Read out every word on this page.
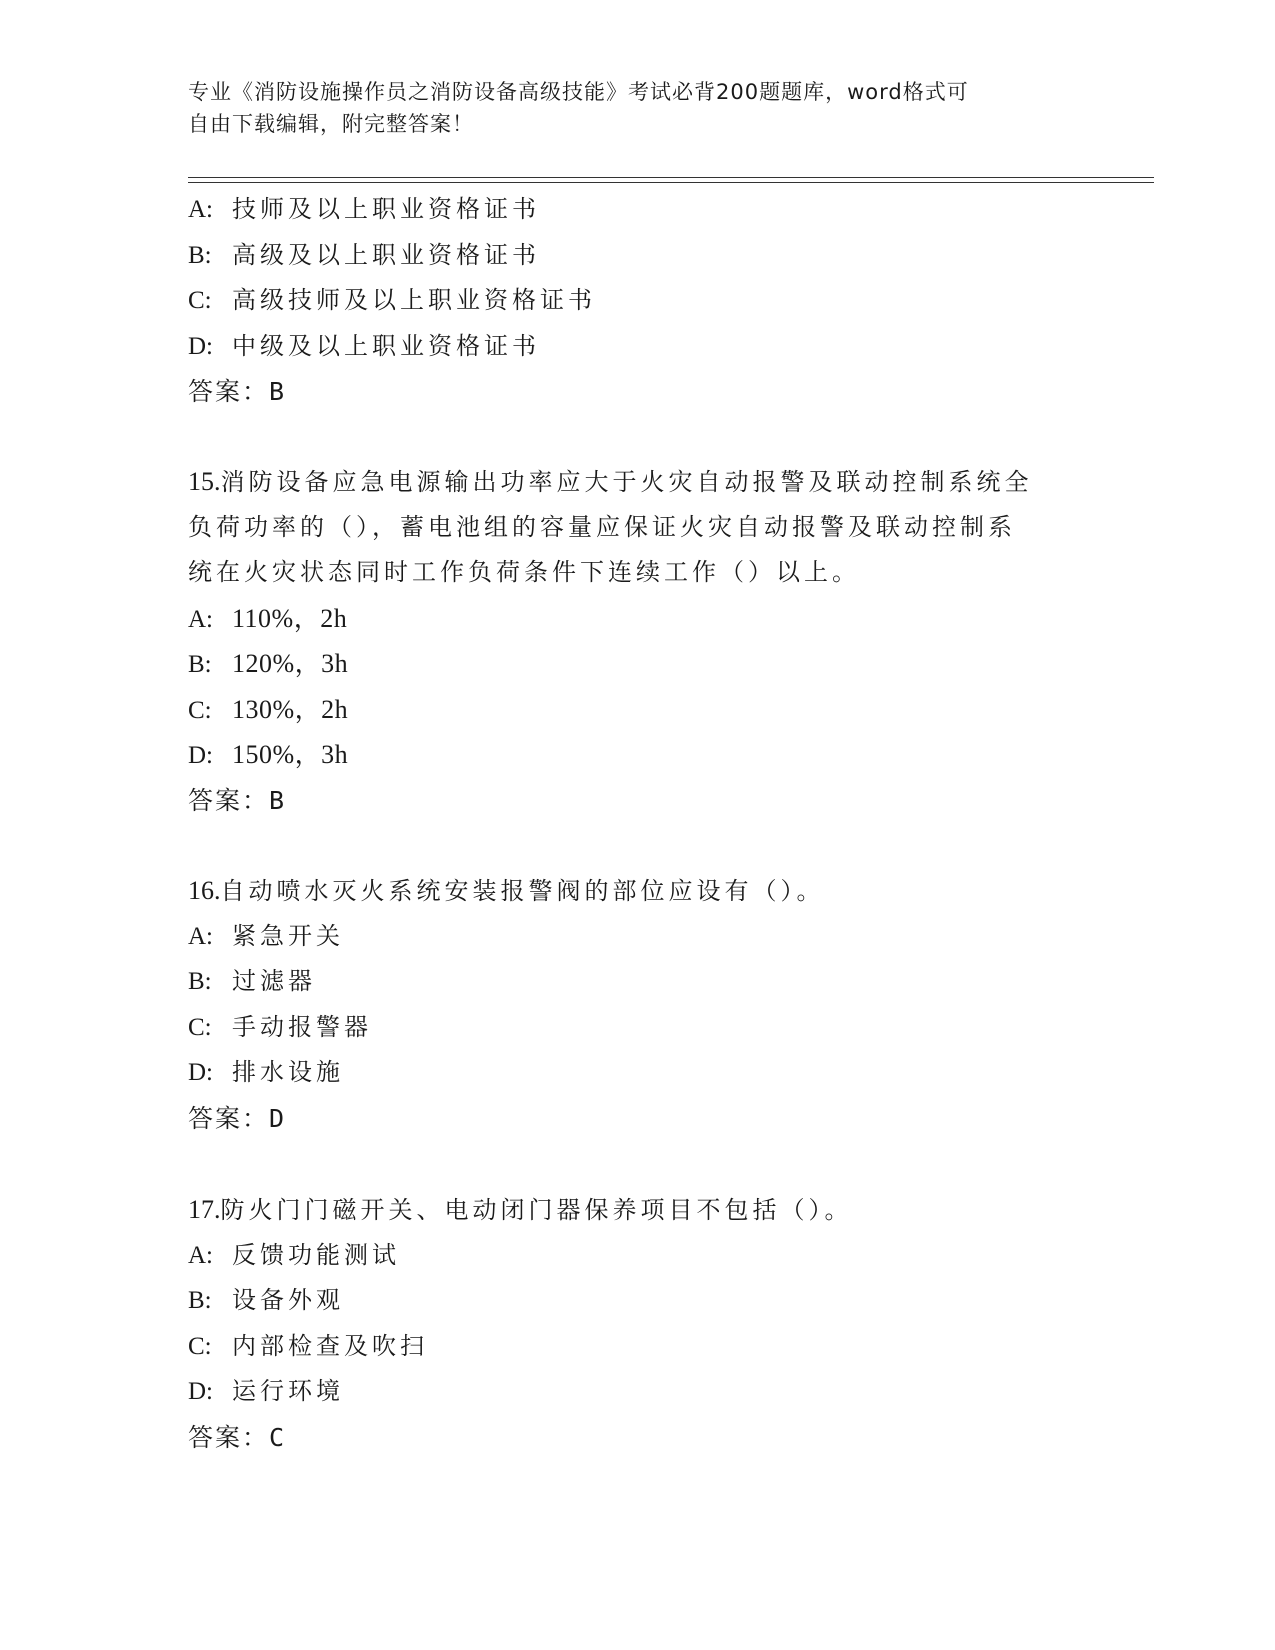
专业《消防设施操作员之消防设备高级技能》考试必背200题题库，word格式可
自由下载编辑，附完整答案！
A: 技师及以上职业资格证书
B: 高级及以上职业资格证书
C: 高级技师及以上职业资格证书
D: 中级及以上职业资格证书
答案：B
15.消防设备应急电源输出功率应大于火灾自动报警及联动控制系统全
负荷功率的（），蓄电池组的容量应保证火灾自动报警及联动控制系
统在火灾状态同时工作负荷条件下连续工作（）以上。
A: 110%，2h
B: 120%，3h
C: 130%，2h
D: 150%，3h
答案：B
16.自动喷水灭火系统安装报警阀的部位应设有（）。
A: 紧急开关
B: 过滤器
C: 手动报警器
D: 排水设施
答案：D
17.防火门门磁开关、电动闭门器保养项目不包括（）。
A: 反馈功能测试
B: 设备外观
C: 内部检查及吹扫
D: 运行环境
答案：C
